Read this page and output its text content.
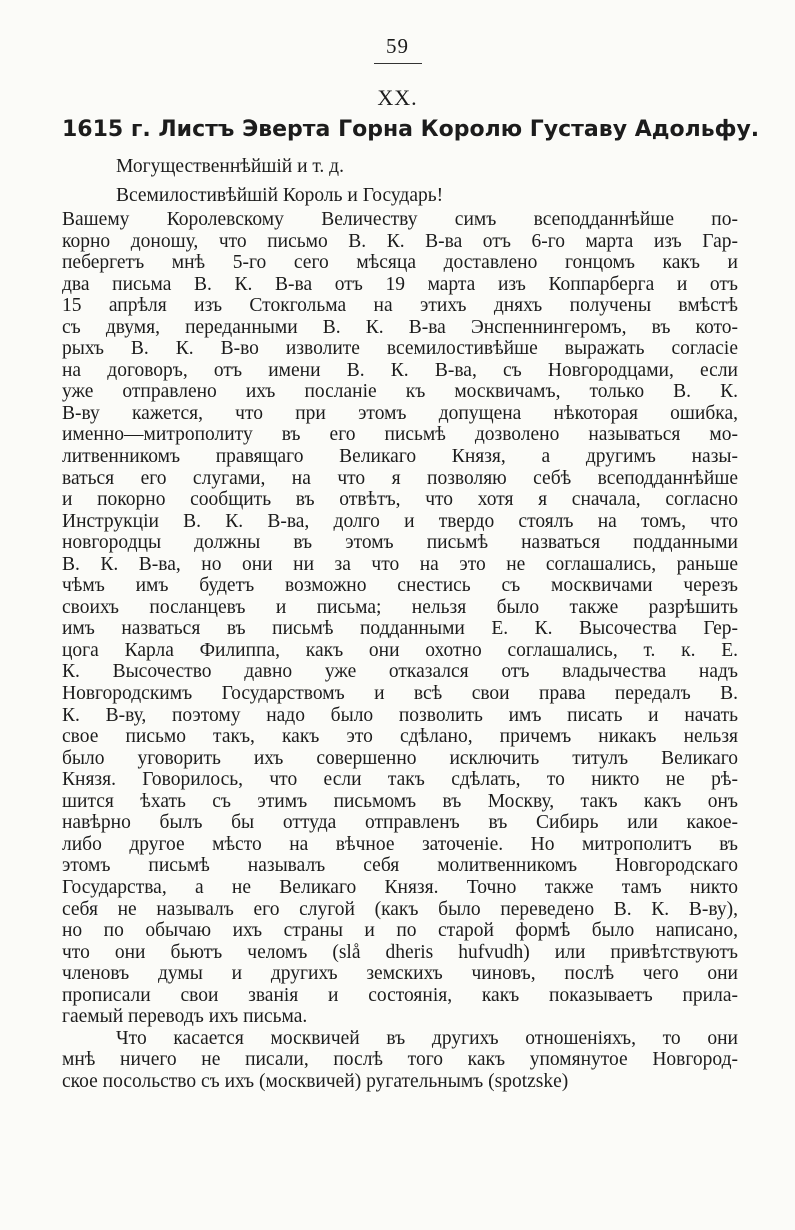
59
XX.
1615 г. Листъ Эверта Горна Королю Густаву Адольфу.
Могущественнѣйшій и т. д.
Всемилостивѣйшій Король и Государь!
Вашему Королевскому Величеству симъ всеподданнѣйше по-
корно доношу, что письмо В. К. В-ва отъ 6-го марта изъ Гар-
пебергетъ мнѣ 5-го сего мѣсяца доставлено гонцомъ какъ и
два письма В. К. В-ва отъ 19 марта изъ Коппарберга и отъ
15 апрѣля изъ Стокгольма на этихъ дняхъ получены вмѣстѣ
съ двумя, переданными В. К. В-ва Энспеннингеромъ, въ кото-
рыхъ В. К. В-во изволите всемилостивѣйше выражать согласіе
на договоръ, отъ имени В. К. В-ва, съ Новгородцами, если
уже отправлено ихъ посланіе къ москвичамъ, только В. К.
В-ву кажется, что при этомъ допущена нѣкоторая ошибка,
именно—митрополиту въ его письмѣ дозволено называться мо-
литвенникомъ правящаго Великаго Князя, а другимъ назы-
ваться его слугами, на что я позволяю себѣ всеподданнѣйше
и покорно сообщить въ отвѣтъ, что хотя я сначала, согласно
Инструкціи В. К. В-ва, долго и твердо стоялъ на томъ, что
новгородцы должны въ этомъ письмѣ назваться подданными
В. К. В-ва, но они ни за что на это не соглашались, раньше
чѣмъ имъ будетъ возможно снестись съ москвичами черезъ
своихъ посланцевъ и письма; нельзя было также разрѣшить
имъ назваться въ письмѣ подданными Е. К. Высочества Гер-
цога Карла Филиппа, какъ они охотно соглашались, т. к. Е.
К. Высочество давно уже отказался отъ владычества надъ
Новгородскимъ Государствомъ и всѣ свои права передалъ В.
К. В-ву, поэтому надо было позволить имъ писать и начать
свое письмо такъ, какъ это сдѣлано, причемъ никакъ нельзя
было уговорить ихъ совершенно исключить титулъ Великаго
Князя. Говорилось, что если такъ сдѣлать, то никто не рѣ-
шится ѣхать съ этимъ письмомъ въ Москву, такъ какъ онъ
навѣрно былъ бы оттуда отправленъ въ Сибирь или какое-
либо другое мѣсто на вѣчное заточеніе. Но митрополитъ въ
этомъ письмѣ называлъ себя молитвенникомъ Новгородскаго
Государства, а не Великаго Князя. Точно также тамъ никто
себя не называлъ его слугой (какъ было переведено В. К. В-ву),
но по обычаю ихъ страны и по старой формѣ было написано,
что они бьютъ челомъ (slå dheris hufvudh) или привѣтствуютъ
членовъ думы и другихъ земскихъ чиновъ, послѣ чего они
прописали свои званія и состоянія, какъ показываетъ прила-
гаемый переводъ ихъ письма.
Что касается москвичей въ другихъ отношеніяхъ, то они
мнѣ ничего не писали, послѣ того какъ упомянутое Новгород-
ское посольство съ ихъ (москвичей) ругательнымъ (spotzske)
